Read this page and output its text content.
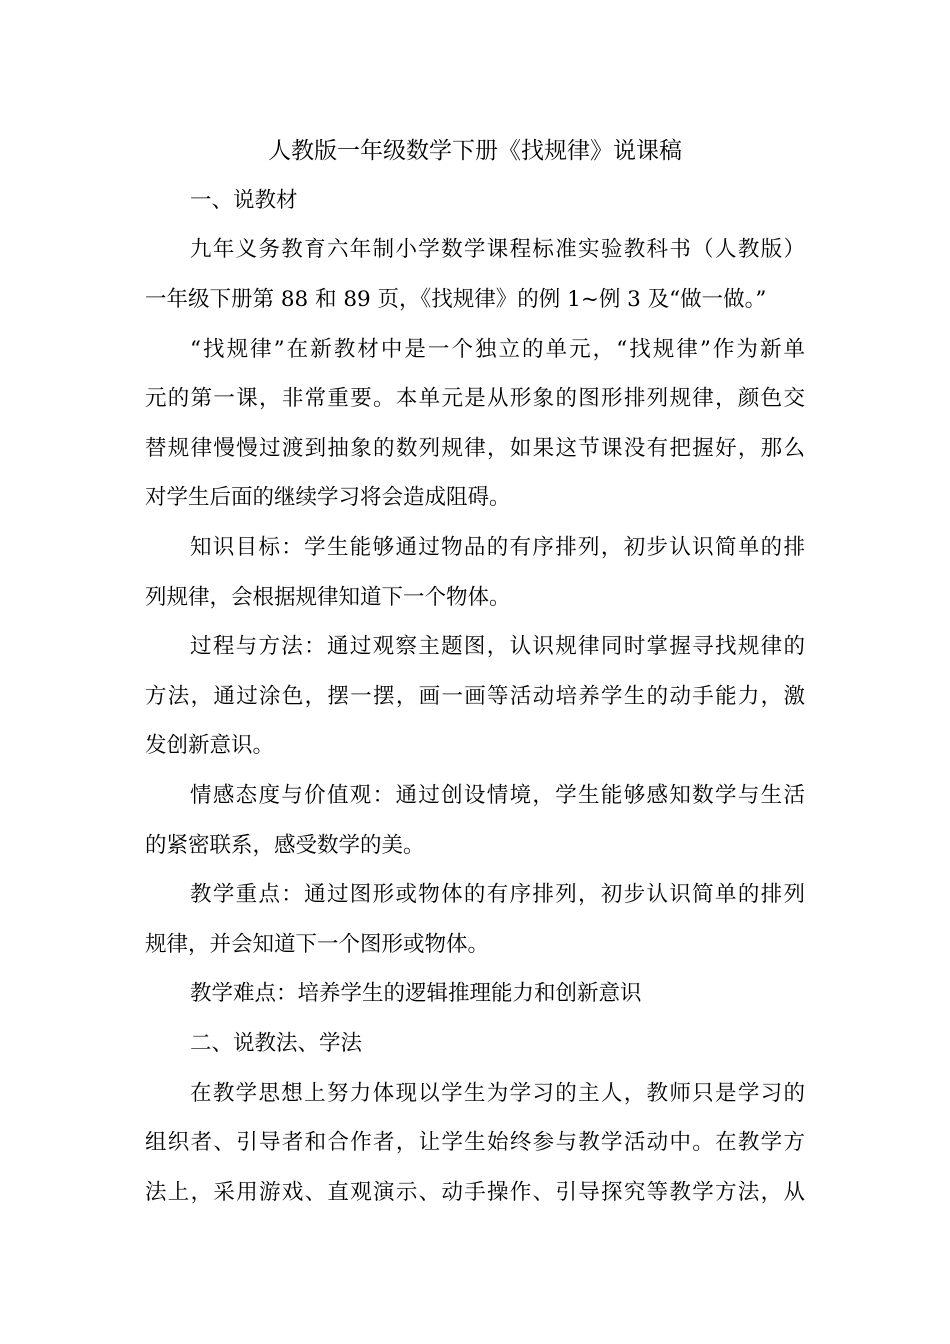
人教版一年级数学下册《找规律》说课稿
一、说教材
九年义务教育六年制小学数学课程标准实验教科书（人教版）
一年级下册第 88 和 89 页，《找规律》的例 1~例 3 及“做一做。”
“找规律”在新教材中是一个独立的单元，“找规律”作为新单
元的第一课，非常重要。本单元是从形象的图形排列规律，颜色交
替规律慢慢过渡到抽象的数列规律，如果这节课没有把握好，那么
对学生后面的继续学习将会造成阻碍。
知识目标：学生能够通过物品的有序排列，初步认识简单的排
列规律，会根据规律知道下一个物体。
过程与方法：通过观察主题图，认识规律同时掌握寻找规律的
方法，通过涂色，摆一摆，画一画等活动培养学生的动手能力，激
发创新意识。
情感态度与价值观：通过创设情境，学生能够感知数学与生活
的紧密联系，感受数学的美。
教学重点：通过图形或物体的有序排列，初步认识简单的排列
规律，并会知道下一个图形或物体。
教学难点：培养学生的逻辑推理能力和创新意识
二、说教法、学法
在教学思想上努力体现以学生为学习的主人，教师只是学习的
组织者、引导者和合作者，让学生始终参与教学活动中。在教学方
法上，采用游戏、直观演示、动手操作、引导探究等教学方法，从
